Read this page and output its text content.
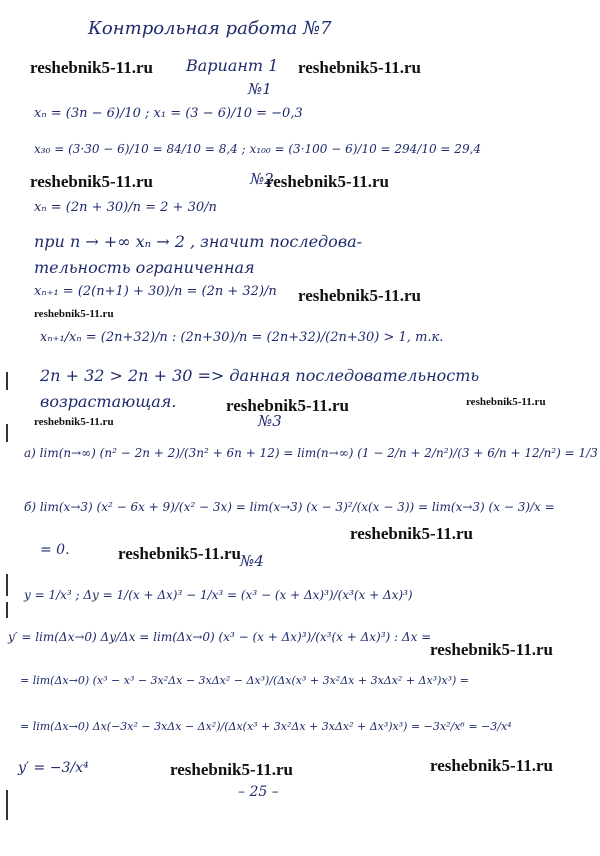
Контрольная работа №7
reshebnik5-11.ru Вариант 1 reshebnik5-11.ru
№1
xₙ = (3n − 6)/10 ; x₁ = (3 − 6)/10 = −0,3
x₃₀ = (3·30 − 6)/10 = 84/10 = 8,4 ; x₁₀₀ = (3·100 − 6)/10 = 294/10 = 29,4
reshebnik5-11.ru	№2
reshebnik5-11.ru
xₙ = (2n + 30)/n = 2 + 30/n
при n → +∞ xₙ → 2 , значит последова-
тельность ограниченная
xₙ₊₁ = (2(n+1) + 30)/n = (2n + 32)/n reshebnik5-11.ru
reshebnik5-11.ru
xₙ₊₁/xₙ = (2n+32)/n : (2n+30)/n = (2n+32)/(2n+30) > 1, т.к.
2n + 32 > 2n + 30 => данная последовательность
возрастающая.	reshebnik5-11.ru	reshebnik5-11.ru
reshebnik5-11.ru	№3
а) lim(n→∞) (n² − 2n + 2)/(3n² + 6n + 12) = lim(n→∞) (1 − 2/n + 2/n²)/(3 + 6/n + 12/n²) = 1/3
б) lim(x→3) (x² − 6x + 9)/(x² − 3x) = lim(x→3) (x − 3)²/(x(x − 3)) = lim(x→3) (x − 3)/x =
reshebnik5-11.ru
= 0.	reshebnik5-11.ru №4
y = 1/x³ ; Δy = 1/(x + Δx)³ − 1/x³ = (x³ − (x + Δx)³)/(x³(x + Δx)³)
y′ = lim(Δx→0) Δy/Δx = lim(Δx→0) (x³ − (x + Δx)³)/(x³(x + Δx)³) : Δx =
reshebnik5-11.ru
= lim(Δx→0) (x³ − x³ − 3x²Δx − 3xΔx² − Δx³)/(Δx(x³ + 3x²Δx + 3xΔx² + Δx³)x³) =
= lim(Δx→0) Δx(−3x² − 3xΔx − Δx²)/(Δx(x³ + 3x²Δx + 3xΔx² + Δx³)x³) = −3x²/x⁶ = −3/x⁴
y′ = −3/x⁴	reshebnik5-11.ru	reshebnik5-11.ru
– 25 –
